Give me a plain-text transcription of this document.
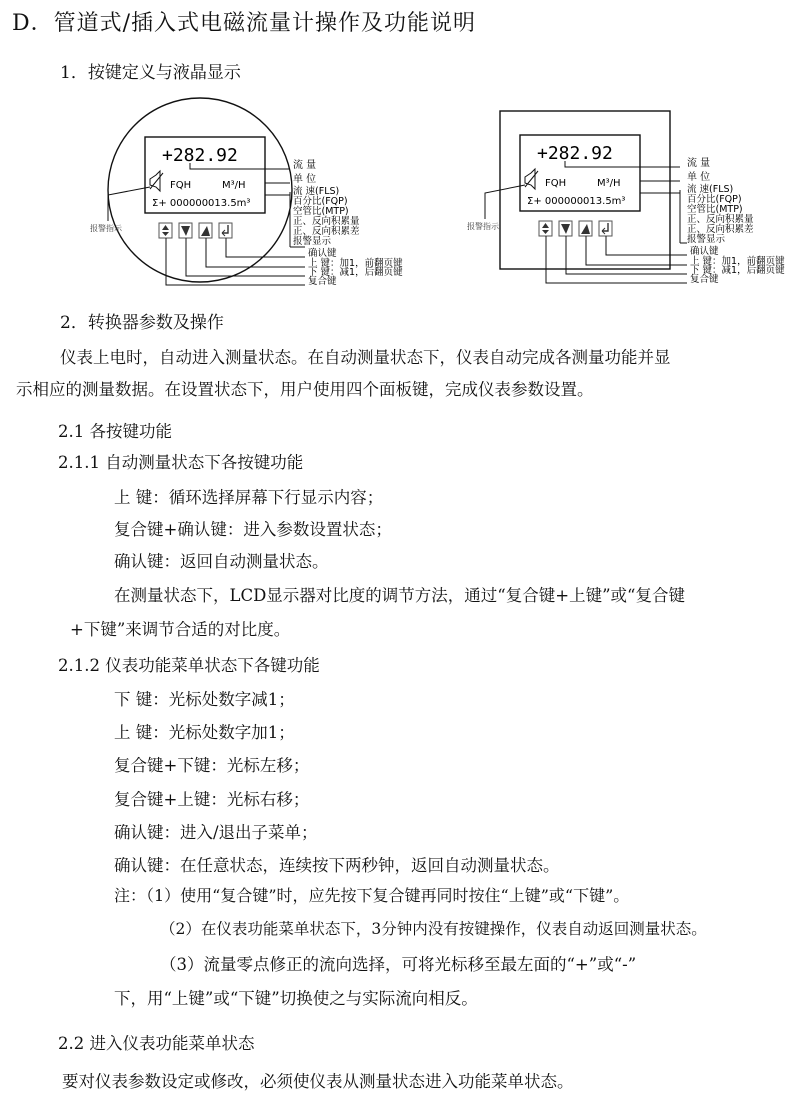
D．管道式/插入式电磁流量计操作及功能说明
1．按键定义与液晶显示
+282.92
FQH	M³/H
Σ+ 000000013.5m³
流 量
单 位
流 速(FLS)
百分比(FQP)
空管比(MTP)
正、反向积累量
正、反向积累差
报警显示
确认键
上 键：加1，前翻页键
下 键：减1，后翻页键
复合键
报警指示
+282.92
FQH	M³/H
Σ+ 000000013.5m³
流 量
单 位
流 速(FLS)
百分比(FQP)
空管比(MTP)
正、反向积累量
正、反向积累差
报警显示
确认键
上 键：加1，前翻页键
下 键：减1，后翻页键
复合键
报警指示
2．转换器参数及操作
仪表上电时，自动进入测量状态。在自动测量状态下，仪表自动完成各测量功能并显
示相应的测量数据。在设置状态下，用户使用四个面板键，完成仪表参数设置。
2.1 各按键功能
2.1.1 自动测量状态下各按键功能
上 键：循环选择屏幕下行显示内容；
复合键+确认键：进入参数设置状态；
确认键：返回自动测量状态。
在测量状态下，LCD显示器对比度的调节方法，通过“复合键+上键”或“复合键
+下键”来调节合适的对比度。
2.1.2 仪表功能菜单状态下各键功能
下 键：光标处数字减1；
上 键：光标处数字加1；
复合键+下键：光标左移；
复合键+上键：光标右移；
确认键：进入/退出子菜单；
确认键：在任意状态，连续按下两秒钟，返回自动测量状态。
注：（1）使用“复合键”时，应先按下复合键再同时按住“上键”或“下键”。
（2）在仪表功能菜单状态下，3分钟内没有按键操作，仪表自动返回测量状态。
（3）流量零点修正的流向选择，可将光标移至最左面的“+”或“-”
下，用“上键”或“下键”切换使之与实际流向相反。
2.2 进入仪表功能菜单状态
要对仪表参数设定或修改，必须使仪表从测量状态进入功能菜单状态。
